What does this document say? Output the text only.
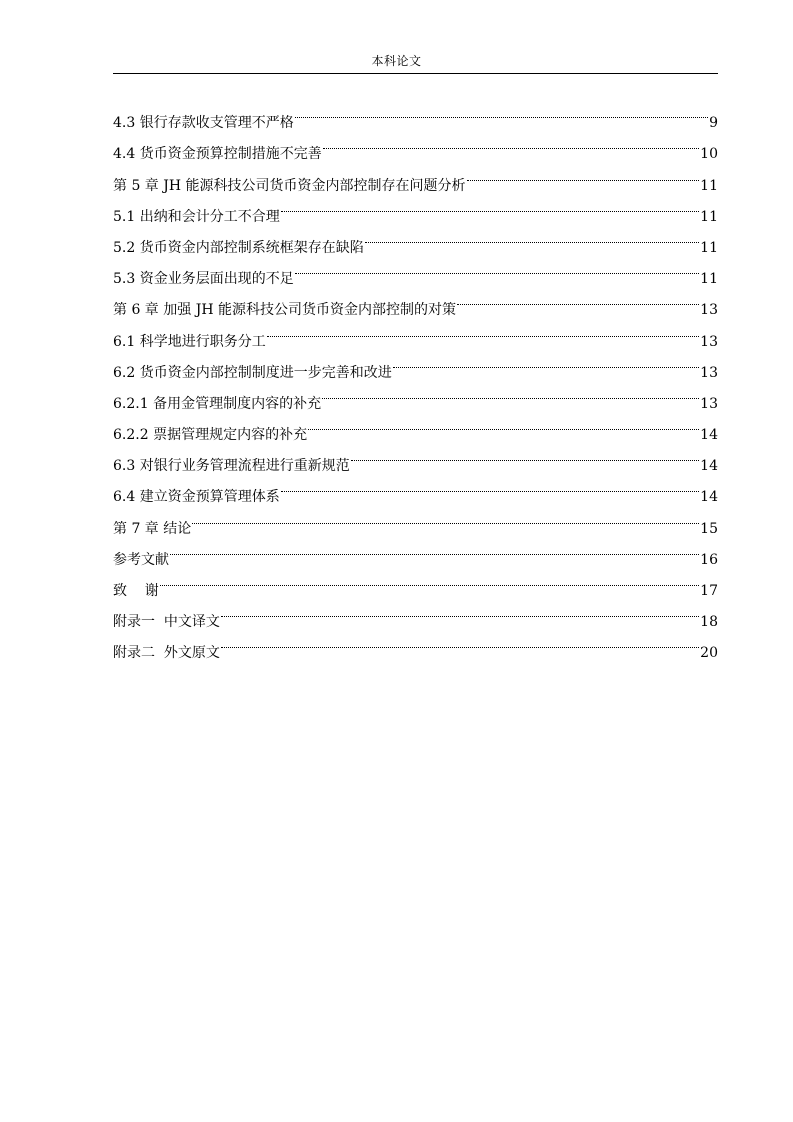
本科论文
4.3 银行存款收支管理不严格	9
4.4 货币资金预算控制措施不完善	10
第 5 章 JH 能源科技公司货币资金内部控制存在问题分析	11
5.1 出纳和会计分工不合理	11
5.2 货币资金内部控制系统框架存在缺陷	11
5.3 资金业务层面出现的不足	11
第 6 章 加强 JH 能源科技公司货币资金内部控制的对策	13
6.1 科学地进行职务分工	13
6.2 货币资金内部控制制度进一步完善和改进	13
6.2.1 备用金管理制度内容的补充	13
6.2.2 票据管理规定内容的补充	14
6.3 对银行业务管理流程进行重新规范	14
6.4 建立资金预算管理体系	14
第 7 章 结论	15
参考文献	16
致    谢	17
附录一  中文译文	18
附录二  外文原文	20
